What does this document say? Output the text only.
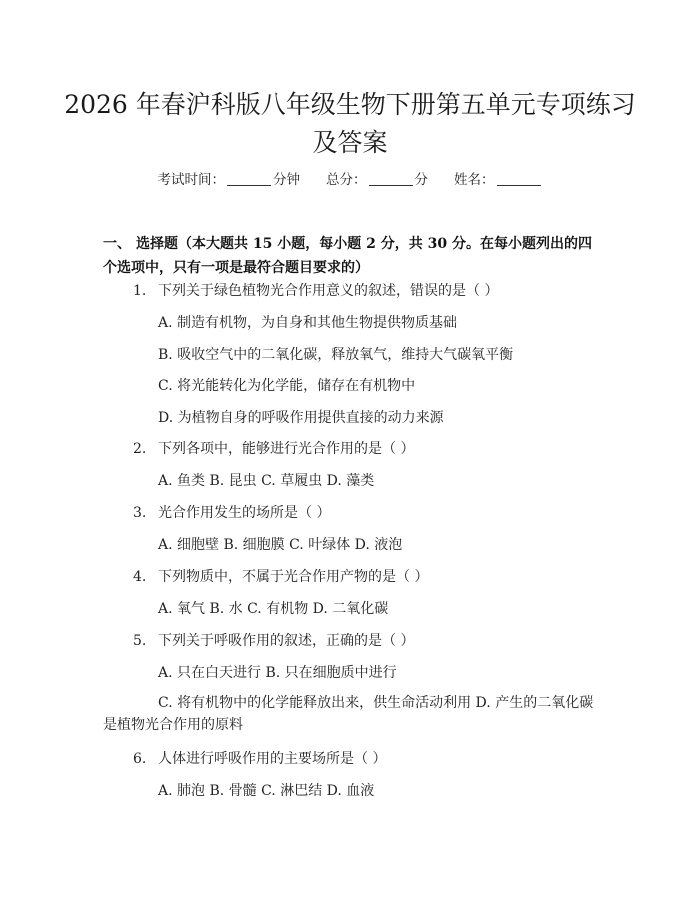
2026 年春沪科版八年级生物下册第五单元专项练习及答案
考试时间：	分钟 总分：	分 姓名：
一、 选择题（本大题共 15 小题，每小题 2 分，共 30 分。在每小题列出的四个选项中，只有一项是最符合题目要求的）
1. 下列关于绿色植物光合作用意义的叙述，错误的是（ ）
A. 制造有机物，为自身和其他生物提供物质基础
B. 吸收空气中的二氧化碳，释放氧气，维持大气碳氧平衡
C. 将光能转化为化学能，储存在有机物中
D. 为植物自身的呼吸作用提供直接的动力来源
2. 下列各项中，能够进行光合作用的是（ ）
A. 鱼类 B. 昆虫 C. 草履虫 D. 藻类
3. 光合作用发生的场所是（ ）
A. 细胞壁 B. 细胞膜 C. 叶绿体 D. 液泡
4. 下列物质中，不属于光合作用产物的是（ ）
A. 氧气 B. 水 C. 有机物 D. 二氧化碳
5. 下列关于呼吸作用的叙述，正确的是（ ）
A. 只在白天进行 B. 只在细胞质中进行
C. 将有机物中的化学能释放出来，供生命活动利用 D. 产生的二氧化碳是植物光合作用的原料
6. 人体进行呼吸作用的主要场所是（ ）
A. 肺泡 B. 骨髓 C. 淋巴结 D. 血液
